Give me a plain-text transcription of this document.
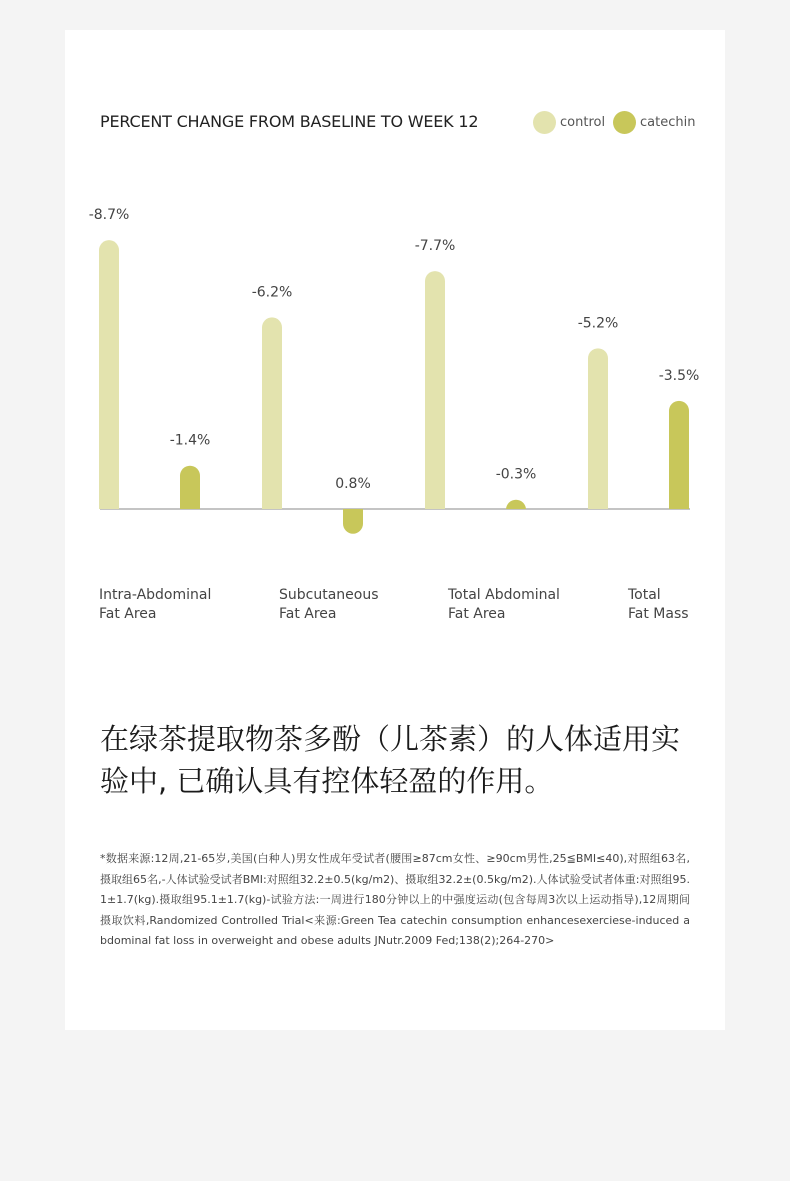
PERCENT CHANGE FROM BASELINE TO WEEK 12	control	catechin
-8.7%
-6.2%
-7.7%
-5.2%
-1.4%
0.8%
-0.3%
-3.5%
Intra-Abdominal
Fat Area
Subcutaneous
Fat Area
Total Abdominal
Fat Area
Total
Fat Mass
在绿茶提取物茶多酚（儿茶素）的人体适用实
验中, 已确认具有控体轻盈的作用。
*数据来源:12周,21-65岁,美国(白种人)男女性成年受试者(腰围≥87cm女性、≥90cm男性,25≦BMI≤40),对照组63名,摄取组65名,-人体试验受试者BMI:对照组32.2±0.5(kg/m2)、摄取组32.2±(0.5kg/m2).人体试验受试者体重:对照组95.1±1.7(kg).摄取组95.1±1.7(kg)-试验方法:一周进行180分钟以上的中强度运动(包含每周3次以上运动指导),12周期间摄取饮料,Randomized Controlled Trial<来源:Green Tea catechin consumption enhancesexerciese-induced abdominal fat loss in overweight and obese adults JNutr.2009 Fed;138(2);264-270>
